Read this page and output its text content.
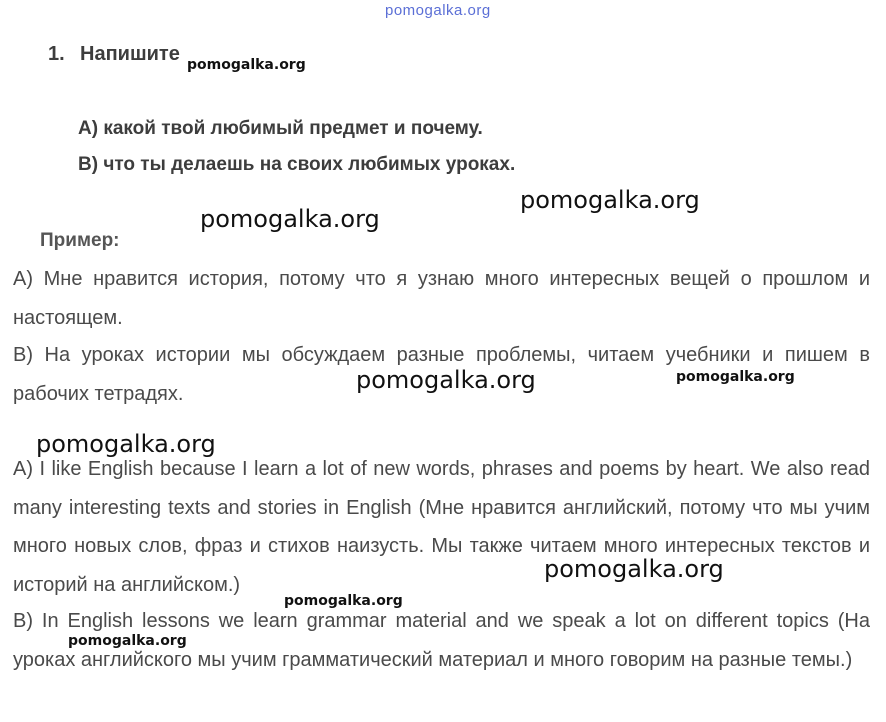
pomogalka.org
1. Напишите
А) какой твой любимый предмет и почему.
В) что ты делаешь на своих любимых уроках.
Пример:
А) Мне нравится история, потому что я узнаю много интересных вещей о прошлом и настоящем.
В) На уроках истории мы обсуждаем разные проблемы, читаем учебники и пишем в рабочих тетрадях.
А) I like English because I learn a lot of new words, phrases and poems by heart. We also read many interesting texts and stories in English (Мне нравится английский, потому что мы учим много новых слов, фраз и стихов наизусть. Мы также читаем много интересных текстов и историй на английском.)
В) In English lessons we learn grammar material and we speak a lot on different topics (На уроках английского мы учим грамматический материал и много говорим на разные темы.)
pomogalka.org
pomogalka.org
pomogalka.org
pomogalka.org	pomogalka.org
pomogalka.org
pomogalka.org
pomogalka.org
pomogalka.org
